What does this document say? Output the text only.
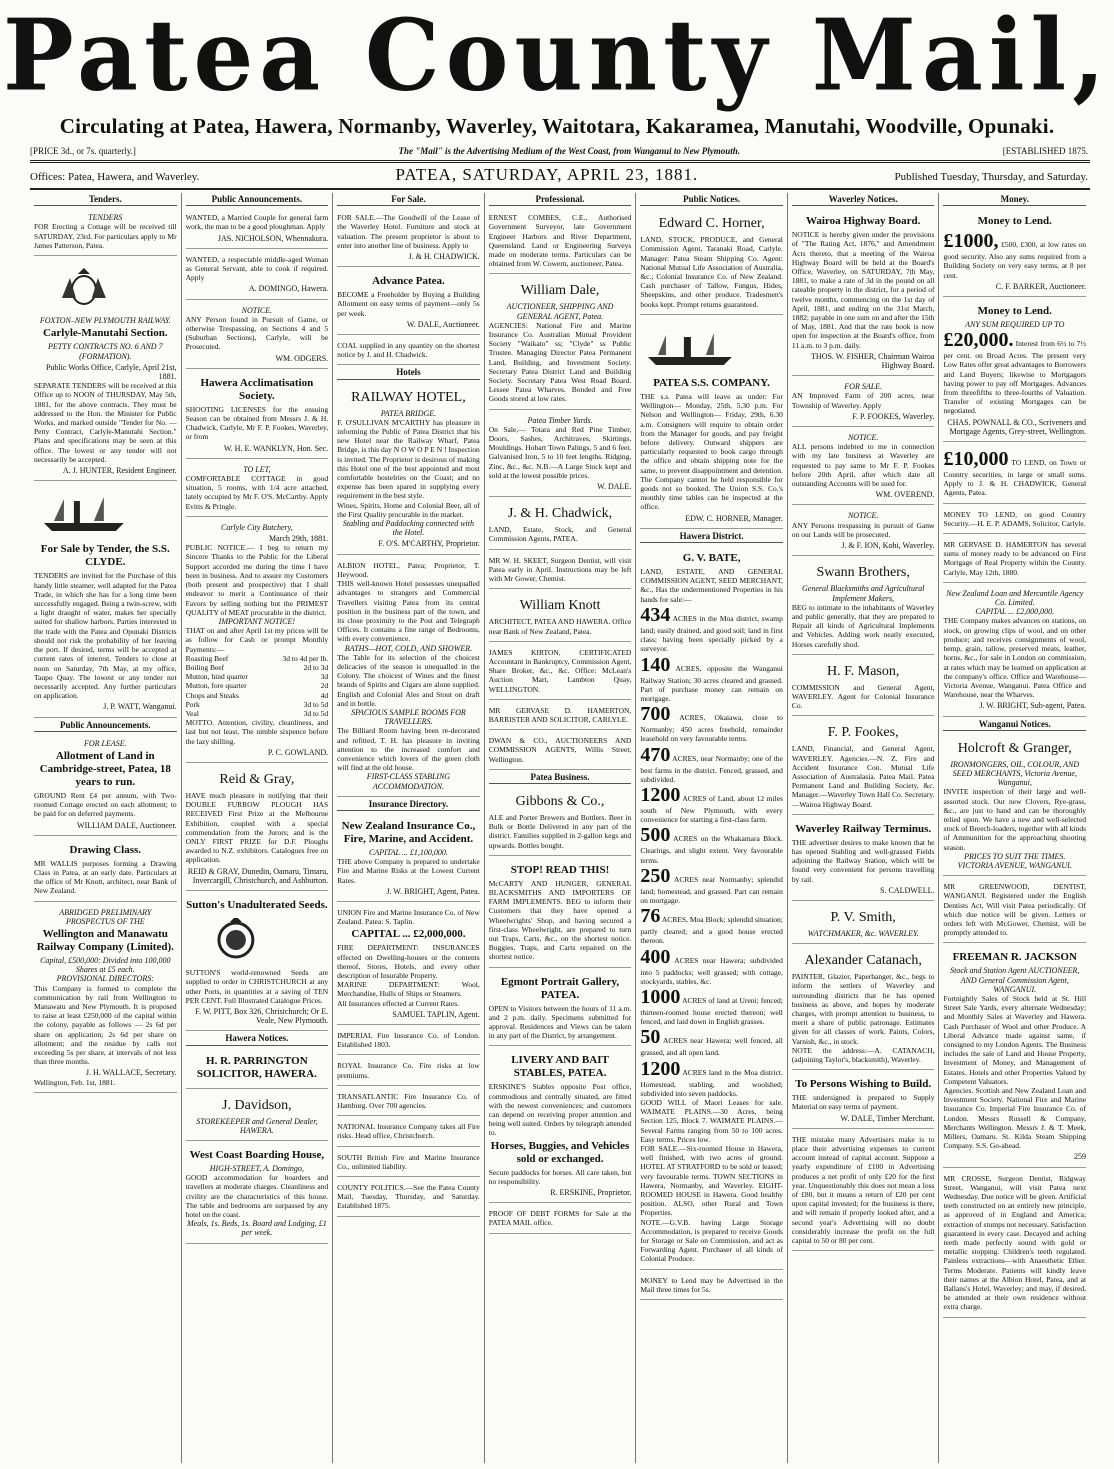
Patea County Mail,
Circulating at Patea, Hawera, Normanby, Waverley, Waitotara, Kakaramea, Manutahi, Woodville, Opunaki.
[PRICE 3d., or 7s. quarterly.]	The "Mail" is the Advertising Medium of the West Coast, from Wanganui to New Plymouth.	[ESTABLISHED 1875.
Offices: Patea, Hawera, and Waverley.	PATEA, SATURDAY, APRIL 23, 1881.	Published Tuesday, Thursday, and Saturday.
Tenders.
TENDERS

FOR Erecting a Cottage will be received till SATURDAY, 23rd. For particulars apply to Mr James Patterson, Patea.

FOXTON–NEW PLYMOUTH RAILWAY.
Carlyle-Manutahi Section.
PETTY CONTRACTS NO. 6 AND 7 (FORMATION).
Public Works Office, Carlyle, April 21st, 1881.

SEPARATE TENDERS will be received at this Office up to NOON of THURSDAY, May 5th, 1881, for the above contracts. They must be addressed to the Hon. the Minister for Public Works, and marked outside "Tender for No. — Petty Contract, Carlyle-Manutahi Section." Plans and specifications may be seen at this office. The lowest or any tender will not necessarily be accepted.

A. J. HUNTER, Resident Engineer.
For Sale by Tender, the S.S. CLYDE.

TENDERS are invited for the Purchase of this handy little steamer, well adapted for the Patea Trade, in which she has for a long time been successfully engaged. Being a twin-screw, with a light draught of water, makes her specially suited for shallow harbors. Parties interested in the trade with the Patea and Opunaki Districts should not risk the probability of her leaving the port. If desired, terms will be accepted at current rates of interest. Tenders to close at noon on Saturday, 7th May, at my office, Taupo Quay. The lowest or any tender not necessarily accepted. Any further particulars on application.

J. P. WATT, Wanganui.
Public Announcements.
FOR LEASE.
Allotment of Land in Cambridge-street, Patea, 18 years to run.

GROUND Rent £4 per annum, with Two-roomed Cottage erected on each allotment; to be paid for on deferred payments.

WILLIAM DALE, Auctioneer.
Drawing Class.

MR WALLIS purposes forming a Drawing Class in Patea, at an early date. Particulars at the office of Mr Knott, architect, near Bank of New Zealand.

ABRIDGED PRELIMINARY PROSPECTUS OF THE
Wellington and Manawatu Railway Company (Limited).
Capital, £500,000: Divided into 100,000 Shares at £5 each.
PROVISIONAL DIRECTORS:

This Company is formed to complete the communication by rail from Wellington to Manawatu and New Plymouth. It is proposed to raise at least £250,000 of the capital within the colony, payable as follows — 2s 6d per share on application; 2s 6d per share on allotment; and the residue by calls not exceeding 5s per share, at intervals of not less than three months.

J. H. WALLACE, Secretary.
Wellington, Feb. 1st, 1881.
Public Announcements.

WANTED, a Married Couple for general farm work, the man to be a good ploughman. Apply

JAS. NICHOLSON, Whennakura.

WANTED, a respectable middle-aged Woman as General Servant, able to cook if required. Apply

A. DOMINGO, Hawera.
NOTICE.

ANY Person found in Pursuit of Game, or otherwise Trespassing, on Sections 4 and 5 (Suburban Sections), Carlyle, will be Prosecuted.

WM. ODGERS.
Hawera Acclimatisation Society.

SHOOTING LICENSES for the ensuing Season can be obtained from Messrs J. & H. Chadwick, Carlyle, Mr F. P. Fookes, Waverley, or from

W. H. E. WANKLYN, Hon. Sec.
TO LET,

COMFORTABLE COTTAGE in good situation, 5 rooms, with 1/4 acre attached, lately occupied by Mr F. O'S. McCarthy. Apply Evitts & Pringle.

Carlyle City Butchery,
March 29th, 1881.

PUBLIC NOTICE.— I beg to return my Sincere Thanks to the Public for the Liberal Support accorded me during the time I have been in business. And to assure my Customers (both present and prospective) that I shall endeavor to merit a Continuance of their Favors by selling nothing but the PRIMEST QUALITY of MEAT procurable in the district.

IMPORTANT NOTICE!

THAT on and after April 1st my prices will be as follow for Cash or prompt Monthly Payments:—

Roasting Beef	3d to 4d per lb.
Boiling Beef	2d to 3d
Mutton, hind quarter	3d
Mutton, fore quarter	2d
Chops and Steaks	4d
Pork	3d to 5d
Veal	3d to 5d

MOTTO. Attention, civility, cleanliness, and last but not least, The nimble sixpence before the lazy shilling.

P. C. GOWLAND.
Reid & Gray,

HAVE much pleasure in notifying that their DOUBLE FURROW PLOUGH HAS RECEIVED First Prize at the Melbourne Exhibition, coupled with a special commendation from the Jurors; and is the ONLY FIRST PRIZE for D.F. Ploughs awarded to N.Z. exhibitors. Catalogues free on application.

REID & GRAY, Dunedin, Oamaru, Timaru, Invercargill, Christchurch, and Ashburton.
Sutton's Unadulterated Seeds.

SUTTON'S world-renowned Seeds are supplied to order in CHRISTCHURCH at any other Ports, in quantities at a saving of TEN PER CENT. Full Illustrated Catalogue Prices.

F. W. PITT, Box 326, Christchurch; Or E. Veale, New Plymouth.
Hawera Notices.
H. R. PARRINGTON SOLICITOR, HAWERA.
J. Davidson,
STOREKEEPER and General Dealer, HAWERA.
West Coast Boarding House,
HIGH-STREET, A. Domingo,

GOOD accommodation for boarders and travellers at moderate charges. Cleanliness and civility are the characteristics of this house. The table and bedrooms are surpassed by any hotel on the coast.

Meals, 1s. Beds, 1s. Board and Lodging, £1 per week.
For Sale.

FOR SALE.—The Goodwill of the Lease of the Waverley Hotel. Furniture and stock at valuation. The present proprietor is about to enter into another line of business. Apply to

J. & H. CHADWICK.
Advance Patea.

BECOME a Freeholder by Buying a Building Allotment on easy terms of payment—only 5s per week.

W. DALE, Auctioneer.

COAL supplied in any quantity on the shortest notice by J. and H. Chadwick.

Hotels
RAILWAY HOTEL,
PATEA BRIDGE.

F. O'SULLIVAN M'CARTHY has pleasure in informing the Public of Patea District that his new Hotel near the Railway Wharf, Patea Bridge, is this day N O W O P E N ! Inspection is invited. The Proprietor is desirous of making this Hotel one of the best appointed and most comfortable hostelries on the Coast; and no expense has been spared in supplying every requirement in the best style.

Wines, Spirits, Home and Colonial Beer, all of the First Quality procurable in the market.

Stabling and Paddocking connected with the Hotel.
F. O'S. M'CARTHY, Proprietor.

ALBION HOTEL, Patea; Proprietor, T. Heywood.

THIS well-known Hotel possesses unequalled advantages to strangers and Commercial Travellers visiting Patea from its central position in the business part of the town, and its close proximity to the Post and Telegraph Offices. It contains a fine range of Bedrooms, with every convenience.

BATHS—HOT, COLD, AND SHOWER.

The Table for its selection of the choicest delicacies of the season is unequalled in the Colony. The choicest of Wines and the finest brands of Spirits and Cigars are alone supplied. English and Colonial Ales and Stout on draft and in bottle.

SPACIOUS SAMPLE ROOMS FOR TRAVELLERS.

The Billiard Room having been re-decorated and refitted, T. H. has pleasure in inviting attention to the increased comfort and convenience which lovers of the green cloth will find at the old house.

FIRST-CLASS STABLING ACCOMMODATION.
Insurance Directory.
New Zealand Insurance Co., Fire, Marine, and Accident.
CAPITAL ... £1,100,000.

THE above Company is prepared to undertake Fire and Marine Risks at the Lowest Current Rates.

J. W. BRIGHT, Agent, Patea.

UNION Fire and Marine Insurance Co. of New Zealand. Patea: S. Taplin.

CAPITAL ... £2,000,000.

FIRE DEPARTMENT: INSURANCES effected on Dwelling-houses or the contents thereof, Stores, Hotels, and every other description of Insurable Property.

MARINE DEPARTMENT: Wool, Merchandise, Hulls of Ships or Steamers.

All Insurances effected at Current Rates.

SAMUEL TAPLIN, Agent.

IMPERIAL Fire Insurance Co. of London. Established 1803.

ROYAL Insurance Co. Fire risks at low premiums.

TRANSATLANTIC Fire Insurance Co. of Hamburg. Over 700 agencies.

NATIONAL Insurance Company takes all Fire risks. Head office, Christchurch.

SOUTH British Fire and Marine Insurance Co., unlimited liability.

COUNTY POLITICS.—See the Patea County Mail, Tuesday, Thursday, and Saturday. Established 1875.

Professional.

ERNEST COMBES, C.E., Authorised Government Surveyor, late Government Engineer Harbors and River Department, Queensland. Land or Engineering Surveys made on moderate terms. Particulars can be obtained from W. Cowern, auctioneer, Patea.

William Dale,
AUCTIONEER, SHIPPING AND GENERAL AGENT, Patea.

AGENCIES: National Fire and Marine Insurance Co. Australian Mutual Provident Society "Waikato" ss; "Clyde" ss Public Trustee. Managing Director Patea Permanent Land, Building, and Investment Society. Secretary Patea District Land and Building Society. Secretary Patea West Road Board. Lessee Patea Wharves. Bonded and Free Goods stored at low rates.

Patea Timber Yards.

On Sale,— Totara and Red Pine Timber, Doors, Sashes, Architraves, Skirtings, Mouldings. Hobart Town Palings, 5 and 6 feet. Galvanised Iron, 5 to 10 feet lengths. Ridging, Zinc, &c., &c. N.B.—A Large Stock kept and sold at the lowest possible prices.

W. DALE.
J. & H. Chadwick,

LAND, Estate, Stock, and General Commission Agents, PATEA.

MR W. H. SKEET, Surgeon Dentist, will visit Patea early in April. Instructions may be left with Mr Gower, Chemist.

William Knott

ARCHITECT, PATEA AND HAWERA. Office near Bank of New Zealand, Patea.

JAMES KIRTON, CERTIFICATED Accountant in Bankruptcy, Commission Agent, Share Broker, &c., &c. Office: McLean's Auction Mart, Lambton Quay, WELLINGTON.

MR GERVASE D. HAMERTON, BARRISTER AND SOLICITOR, CARLYLE.

DWAN & CO., AUCTIONEERS AND COMMISSION AGENTS, Willis Street, Wellington.

Patea Business.
Gibbons & Co.,

ALE and Porter Brewers and Bottlers. Beer in Bulk or Bottle Delivered in any part of the district. Families supplied in 2-gallon kegs and upwards. Bottles bought.

STOP! READ THIS!

McCARTY AND HUNGER, GENERAL BLACKSMITHS AND IMPORTERS OF FARM IMPLEMENTS. BEG to inform their Customers that they have opened a Wheelwrights' Shop, and having secured a first-class Wheelwright, are prepared to turn out Traps, Carts, &c., on the shortest notice. Buggies, Traps, and Carts repaired on the shortest notice.

Egmont Portrait Gallery, PATEA.

OPEN to Visitors between the hours of 11 a.m. and 2 p.m. daily. Specimens submitted for approval. Residences and Views can be taken in any part of the District, by arrangement.

LIVERY AND BAIT STABLES, PATEA.

ERSKINE'S Stables opposite Post office, commodious and centrally situated, are fitted with the newest conveniences; and customers can depend on receiving proper attention and being well suited. Orders by telegraph attended to.

Horses, Buggies, and Vehicles sold or exchanged.

Secure paddocks for horses. All care taken, but no responsibility.

R. ERSKINE, Proprietor.

PROOF OF DEBT FORMS for Sale at the PATEA MAIL office.

Public Notices.
Edward C. Horner,

LAND, STOCK, PRODUCE, and General Commission Agent, Taranaki Road, Carlyle. Manager: Patea Steam Shipping Co. Agent: National Mutual Life Association of Australia, &c.; Colonial Insurance Co. of New Zealand. Cash purchaser of Tallow, Fungus, Hides, Sheepskins, and other produce. Tradesmen's books kept. Prompt returns guaranteed.

PATEA S.S. COMPANY.

THE s.s. Patea will leave as under: For Wellington— Monday, 25th, 5.30 p.m. For Nelson and Wellington— Friday, 29th, 6.30 a.m. Consigners will require to obtain order from the Manager for goods, and pay freight before delivery. Outward shippers are particularly requested to book cargo through the office and obtain shipping note for the same, to prevent disappointment and detention. The Company cannot be held responsible for goods not so booked. The Union S.S. Co.'s monthly time tables can be inspected at the office.

EDW. C. HORNER, Manager.
Hawera District.
G. V. BATE,

LAND, ESTATE, AND GENERAL COMMISSION AGENT, SEED MERCHANT, &c., Has the undermentioned Properties in his hands for sale:—

434 ACRES in the Moa district, swamp land; easily drained, and good soil; land in first class; having been specially picked by a surveyor.

140 ACRES, opposite the Wanganui Railway Station; 30 acres cleared and grassed. Part of purchase money can remain on mortgage.

700 ACRES, Okaiawa, close to Normanby; 450 acres freehold, remainder leasehold on very favourable terms.

470 ACRES, near Normanby; one of the best farms in the district. Fenced, grassed, and subdivided.

1200 ACRES of Land, about 12 miles south of New Plymouth, with every convenience for starting a first-class farm.

500 ACRES on the Whakamara Block. Clearings, and slight extent. Very favourable terms.

250 ACRES near Normanby; splendid land; homestead, and grassed. Part can remain on mortgage.

76 ACRES, Moa Block; splendid situation; partly cleared; and a good house erected thereon.

400 ACRES near Hawera; subdivided into 5 paddocks; well grassed; with cottage, stockyards, stables, &c.

1000 ACRES of land at Ureni; fenced; thirteen-roomed house erected thereon; well fenced, and laid down in English grasses.

50 ACRES near Hawera; well fenced, all grassed, and all open land.

1200 ACRES land in the Moa district. Homestead, stabling, and woolshed; subdivided into seven paddocks.

GOOD WILL of Maori Leases for sale. WAIMATE PLAINS.—30 Acres, being Section 125, Block 7. WAIMATE PLAINS.—Several Farms ranging from 50 to 100 acres. Easy terms. Prices low.

FOR SALE.—Six-roomed House in Hawera, well finished, with two acres of ground. HOTEL AT STRATFORD to be sold or leased; very favourable terms. TOWN SECTIONS in Hawera, Normanby, and Waverley. EIGHT-ROOMED HOUSE in Hawera. Good healthy position. ALSO, other Rural and Town Properties.

NOTE.—G.V.B. having Large Storage Accommodation, is prepared to receive Goods for Storage or Sale on Commission, and act as Forwarding Agent. Purchaser of all kinds of Colonial Produce.

MONEY to Lend may be Advertised in the Mail three times for 5s.

Waverley Notices.
Wairoa Highway Board.

NOTICE is hereby given under the provisions of "The Rating Act, 1876," and Amendment Acts thereto, that a meeting of the Wairoa Highway Board will be held at the Board's Office, Waverley, on SATURDAY, 7th May, 1881, to make a rate of 3d in the pound on all rateable property in the district, for a period of twelve months, commencing on the 1st day of April, 1881, and ending on the 31st March, 1882; payable in one sum on and after the 15th of May, 1881. And that the rate book is now open for inspection at the Board's office, from 11 a.m. to 3 p.m. daily.

THOS. W. FISHER, Chairman Wairoa Highway Board.
FOR SALE.

AN Improved Farm of 200 acres, near Township of Waverley. Apply

F. P. FOOKES, Waverley.
NOTICE.

ALL persons indebted to me in connection with my late business at Waverley are requested to pay same to Mr F. P. Fookes before 20th April, after which date all outstanding Accounts will be sued for.

WM. OVEREND.
NOTICE.

ANY Persons trespassing in pursuit of Game on our Lands will be prosecuted.

J. & F. ION, Kohi, Waverley.
Swann Brothers,
General Blacksmiths and Agricultural Implement Makers,

BEG to intimate to the inhabitants of Waverley and public generally, that they are prepared to Repair all kinds of Agricultural Implements and Vehicles. Adding work neatly executed, Horses carefully shod.

H. F. Mason,

COMMISSION and General Agent, WAVERLEY. Agent for Colonial Insurance Co.

F. P. Fookes,

LAND, Financial, and General Agent, WAVERLEY. Agencies.—N. Z. Fire and Accident Insurance Con. Mutual Life Association of Australasia. Patea Mail. Patea Permanent Land and Building Society, &c. Manager.—Waverley Town Hall Co. Secretary.—Wairoa Highway Board.

Waverley Railway Terminus.

THE advertiser desires to make known that he has opened Stabling and well-grassed Fields adjoining the Railway Station, which will be found very convenient for persons travelling by rail.

S. CALDWELL.
P. V. Smith,
WATCHMAKER, &c. WAVERLEY.
Alexander Catanach,

PAINTER, Glazier, Paperhanger, &c., begs to inform the settlers of Waverley and surrounding districts that he has opened business as above, and hopes by moderate charges, with prompt attention to business, to merit a share of public patronage. Estimates given for all classes of work. Paints, Colors, Varnish, &c., in stock.

NOTE the address:—A. CATANACH, (adjoining Taylor's, blacksmith), Waverley.

To Persons Wishing to Build.

THE undersigned is prepared to Supply Material on easy terms of payment.

W. DALE, Timber Merchant.

THE mistake many Advertisers make is to place their advertising expenses to current account instead of capital account. Suppose a yearly expenditure of £100 in Advertising produces a net profit of only £20 for the first year. Unquestionably this does not mean a loss of £80, but it means a return of £20 per cent upon capital invested; for the business is there, and will remain if properly looked after, and a second year's Advertising will no doubt considerably increase the profit on the full capital to 50 or 80 per cent.

Money.
Money to Lend.

£1000, £500, £300, at low rates on good security. Also any sums required from a Building Society on very easy terms, at 8 per cent.

C. F. BARKER, Auctioneer.
Money to Lend.
ANY SUM REQUIRED UP TO

£20,000. Interest from 6½ to 7½ per cent. on Broad Acres. The present very Low Rates offer great advantages to Borrowers and Land Buyers; likewise to Mortgagors having power to pay off Mortgages. Advances from threefifths to three-fourths of Valuation. Transfer of existing Mortgages can be negotiated.

CHAS. POWNALL & CO., Scriveners and Mortgage Agents, Grey-street, Wellington.

£10,000 TO LEND, on Town or Country securities, in large or small sums. Apply to J. & H. CHADWICK, General Agents, Patea.

MONEY TO LEND, on good Country Security.—H. E. P. ADAMS, Solicitor, Carlyle.

MR GERVASE D. HAMERTON has several sums of money ready to be advanced on First Mortgage of Real Property within the County. Carlyle, May 12th, 1880.

New Zealand Loan and Mercantile Agency Co. Limited.
CAPITAL ... £2,000,000.

THE Company makes advances on stations, on stock, on growing clips of wool, and on other produce; and receives consignments of wool, hemp, grain, tallow, preserved meats, leather, horns, &c., for sale in London on commission, at rates which may be learned on application at the company's office. Office and Warehouse—Victoria Avenue, Wanganui. Patea Office and Warehouse, near the Wharves.

J. W. BRIGHT, Sub-agent, Patea.
Wanganui Notices.
Holcroft & Granger,
IRONMONGERS, OIL, COLOUR, AND SEED MERCHANTS, Victoria Avenue, Wanganui,

INVITE inspection of their large and well-assorted stock. Our new Clovers, Rye-grass, &c., are just to hand and can be thoroughly relied upon. We have a new and well-selected stock of Breech-loaders, together with all kinds of Ammunition for the approaching shooting season.

PRICES TO SUIT THE TIMES.
VICTORIA AVENUE, WANGANUI.

MR GREENWOOD, DENTIST, WANGANUI. Registered under the English Dentists Act, Will visit Patea periodically. Of which due notice will be given. Letters or orders left with Mr.Gower, Chemist, will be promptly attended to.

FREEMAN R. JACKSON
Stock and Station Agent AUCTIONEER, AND General Commission Agent, WANGANUI.

Fortnightly Sales of Stock held at St. Hill Street Sale Yards, every alternate Wednesday; and Monthly Sales at Waverley and Hawera. Cash Purchaser of Wool and other Produce. A Liberal Advance made against same, if consigned to my London Agents. The Business includes the sale of Land and House Property, Investment of Money, and Management of Estates. Hotels and other Properties Valued by Competent Valuators.

Agencies. Scottish and New Zealand Loan and Investment Society. National Fire and Marine Insurance Co. Imperial Fire Insurance Co. of London. Messrs Russell & Company, Merchants Wellington. Messrs J. & T. Meek, Millers, Oamaru. St. Kilda Steam Shipping Company. S.S. Go-ahead.

259

MR CROSSE, Surgeon Dentist, Ridgway Street, Wanganui, will visit Patea next Wednesday. Due notice will be given. Artificial teeth constructed on an entirely new principle, as approved of in England and America; extraction of stumps not necessary. Satisfaction guaranteed in every case. Decayed and aching teeth made perfectly sound with gold or metallic stopping. Children's teeth regulated. Painless extractions—with Anaesthetic Ether. Terms Moderate. Patients will kindly leave their names at the Albion Hotel, Patea, and at Ballans's Hotel, Waverley; and may, if desired, be attended at their own residence without extra charge.
